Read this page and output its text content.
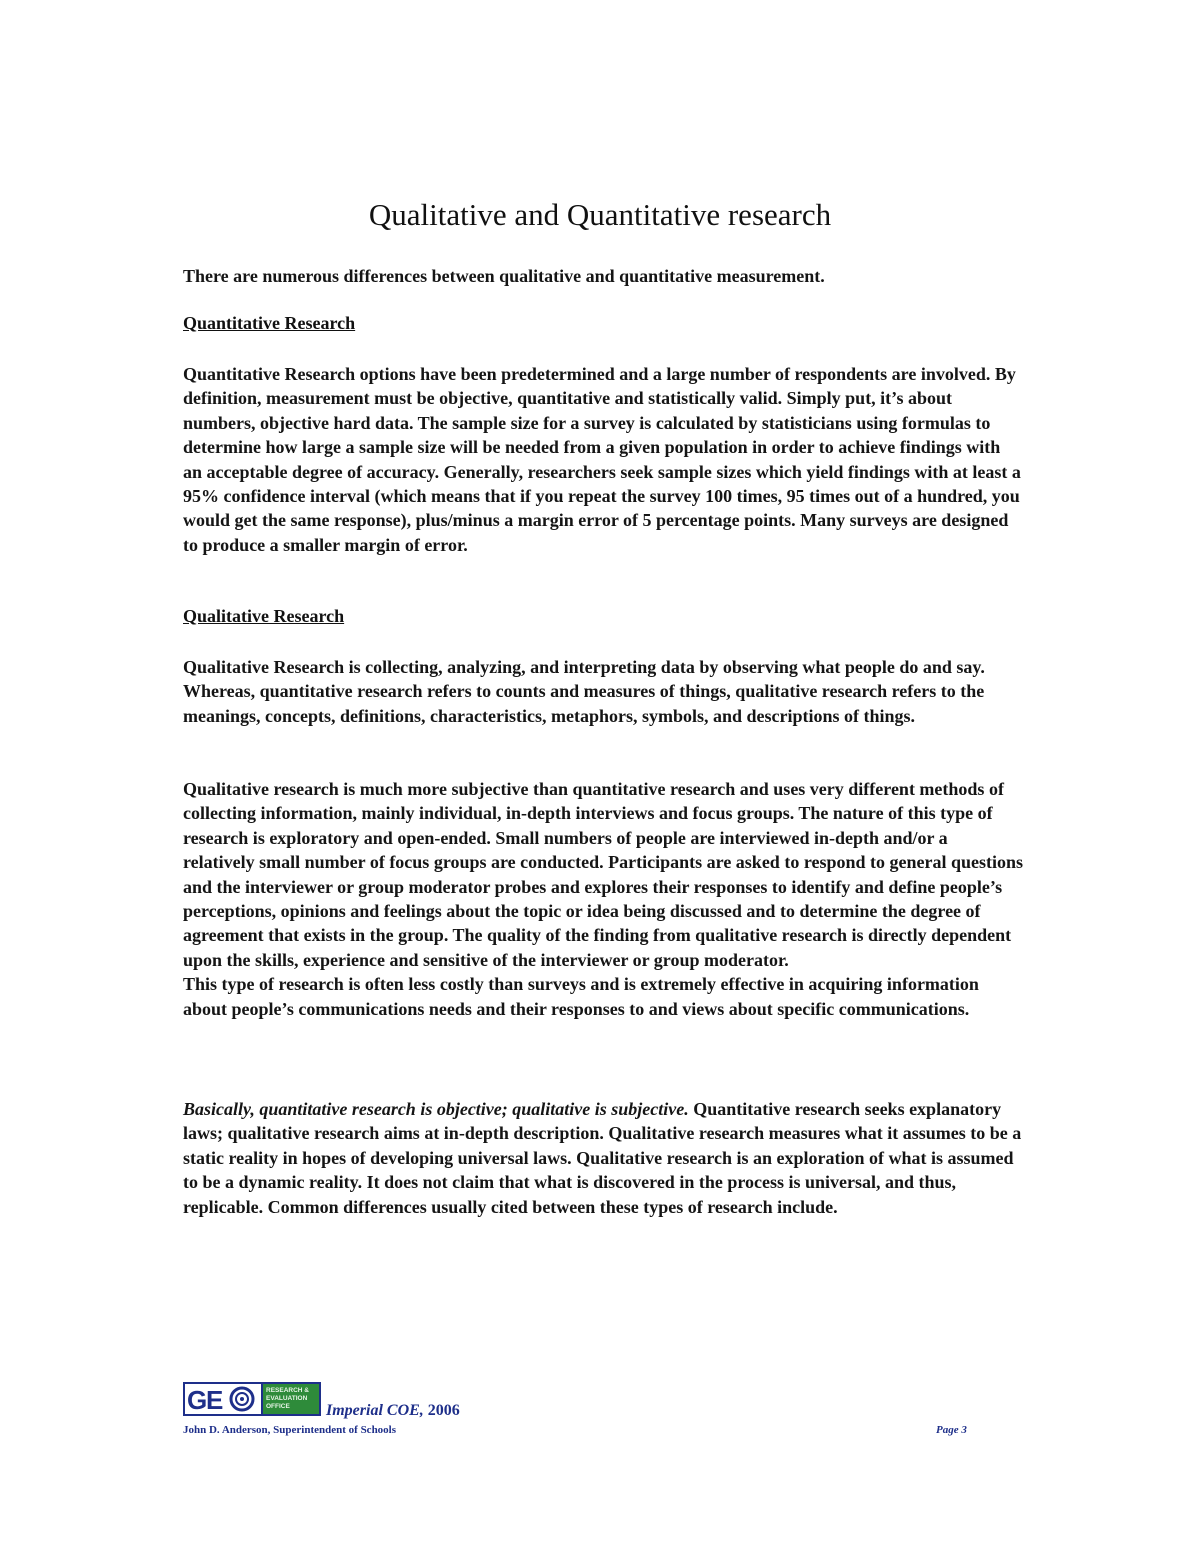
Qualitative and Quantitative research

There are numerous differences between qualitative and quantitative measurement.

Quantitative Research

Quantitative Research options have been predetermined and a large number of respondents are involved. By definition, measurement must be objective, quantitative and statistically valid. Simply put, it’s about numbers, objective hard data. The sample size for a survey is calculated by statisticians using formulas to determine how large a sample size will be needed from a given population in order to achieve findings with an acceptable degree of accuracy. Generally, researchers seek sample sizes which yield findings with at least a 95% confidence interval (which means that if you repeat the survey 100 times, 95 times out of a hundred, you would get the same response), plus/minus a margin error of 5 percentage points. Many surveys are designed to produce a smaller margin of error.

Qualitative Research

Qualitative Research is collecting, analyzing, and interpreting data by observing what people do and say. Whereas, quantitative research refers to counts and measures of things, qualitative research refers to the meanings, concepts, definitions, characteristics, metaphors, symbols, and descriptions of things.

Qualitative research is much more subjective than quantitative research and uses very different methods of collecting information, mainly individual, in-depth interviews and focus groups. The nature of this type of research is exploratory and open-ended. Small numbers of people are interviewed in-depth and/or a relatively small number of focus groups are conducted. Participants are asked to respond to general questions and the interviewer or group moderator probes and explores their responses to identify and define people’s perceptions, opinions and feelings about the topic or idea being discussed and to determine the degree of agreement that exists in the group. The quality of the finding from qualitative research is directly dependent upon the skills, experience and sensitive of the interviewer or group moderator.
This type of research is often less costly than surveys and is extremely effective in acquiring information about people’s communications needs and their responses to and views about specific communications.

Basically, quantitative research is objective; qualitative is subjective. Quantitative research seeks explanatory laws; qualitative research aims at in-depth description. Qualitative research measures what it assumes to be a static reality in hopes of developing universal laws. Qualitative research is an exploration of what is assumed to be a dynamic reality. It does not claim that what is discovered in the process is universal, and thus, replicable. Common differences usually cited between these types of research include.

G
E	RESEARCH &
EVALUATION
OFFICE	Imperial COE, 2006
John D. Anderson, Superintendent of Schools	Page 3
